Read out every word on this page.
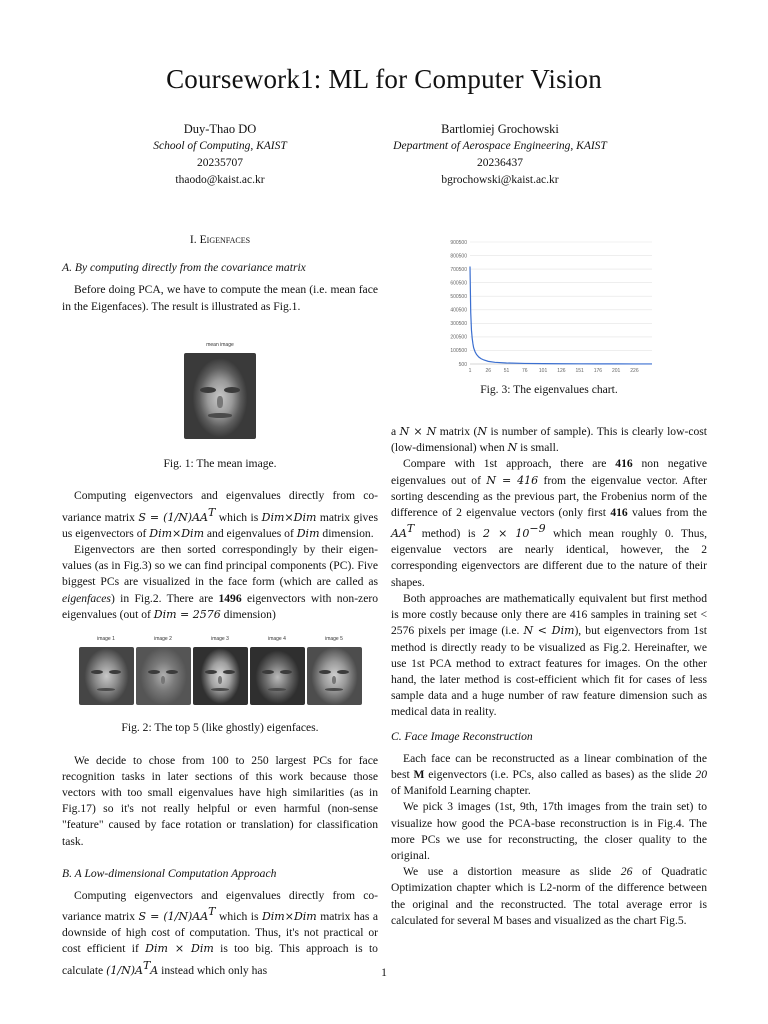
Coursework1: ML for Computer Vision
Duy-Thao DO
School of Computing, KAIST
20235707
thaodo@kaist.ac.kr
Bartlomiej Grochowski
Department of Aerospace Engineering, KAIST
20236437
bgrochowski@kaist.ac.kr
I. Eigenfaces
A. By computing directly from the covariance matrix

Before doing PCA, we have to compute the mean (i.e. mean face in the Eigenfaces). The result is illustrated as Fig.1.

mean image
Fig. 1: The mean image.

Computing eigenvectors and eigenvalues directly from co-variance matrix $S = (1/N)AA^T$ which is Dim×Dim matrix gives us eigenvectors of Dim×Dim and eigenvalues of Dim dimension.

Eigenvectors are then sorted correspondingly by their eigen-values (as in Fig.3) so we can find principal components (PC). Five biggest PCs are visualized in the face form (which are called as eigenfaces) in Fig.2. There are 1496 eigenvectors with non-zero eigenvalues (out of Dim = 2576 dimension)

image 1	image 2	image 3	image 4	image 5
Fig. 2: The top 5 (like ghostly) eigenfaces.

We decide to chose from 100 to 250 largest PCs for face recognition tasks in later sections of this work because those vectors with too small eigenvalues have high similarities (as in Fig.17) so it's not really helpful or even harmful (non-sense "feature" caused by face rotation or translation) for classification task.

B. A Low-dimensional Computation Approach

Computing eigenvectors and eigenvalues directly from co-variance matrix $S = (1/N)AA^T$ which is Dim×Dim matrix has a downside of high cost of computation. Thus, it's not practical or cost efficient if Dim × Dim is too big. This approach is to calculate $(1/N)A^TA$ instead which only has

500
100500
200500
300500
400500
500500
600500
700500
800500
900500
1	26	51	76 101 126 151 176 201 226
Fig. 3: The eigenvalues chart.

a N × N matrix (N is number of sample). This is clearly low-cost (low-dimensional) when N is small.

Compare with 1st approach, there are 416 non negative eigenvalues out of N = 416 from the eigenvalue vector. After sorting descending as the previous part, the Frobenius norm of the difference of 2 eigenvalue vectors (only first 416 values from the $AA^T$ method) is $2 \times 10^{-9}$ which mean roughly 0. Thus, eigenvalue vectors are nearly identical, however, the 2 corresponding eigenvectors are different due to the nature of their shapes.

Both approaches are mathematically equivalent but first method is more costly because only there are 416 samples in training set < 2576 pixels per image (i.e. N < Dim), but eigenvectors from 1st method is directly ready to be visualized as Fig.2. Hereinafter, we use 1st PCA method to extract features for images. On the other hand, the later method is cost-efficient which fit for cases of less sample data and a huge number of raw feature dimension such as medical data in reality.

C. Face Image Reconstruction

Each face can be reconstructed as a linear combination of the best M eigenvectors (i.e. PCs, also called as bases) as the slide 20 of Manifold Learning chapter.

We pick 3 images (1st, 9th, 17th images from the train set) to visualize how good the PCA-base reconstruction is in Fig.4. The more PCs we use for reconstructing, the closer quality to the original.

We use a distortion measure as slide 26 of Quadratic Optimization chapter which is L2-norm of the difference between the original and the reconstructed. The total average error is calculated for several M bases and visualized as the chart Fig.5.

1
